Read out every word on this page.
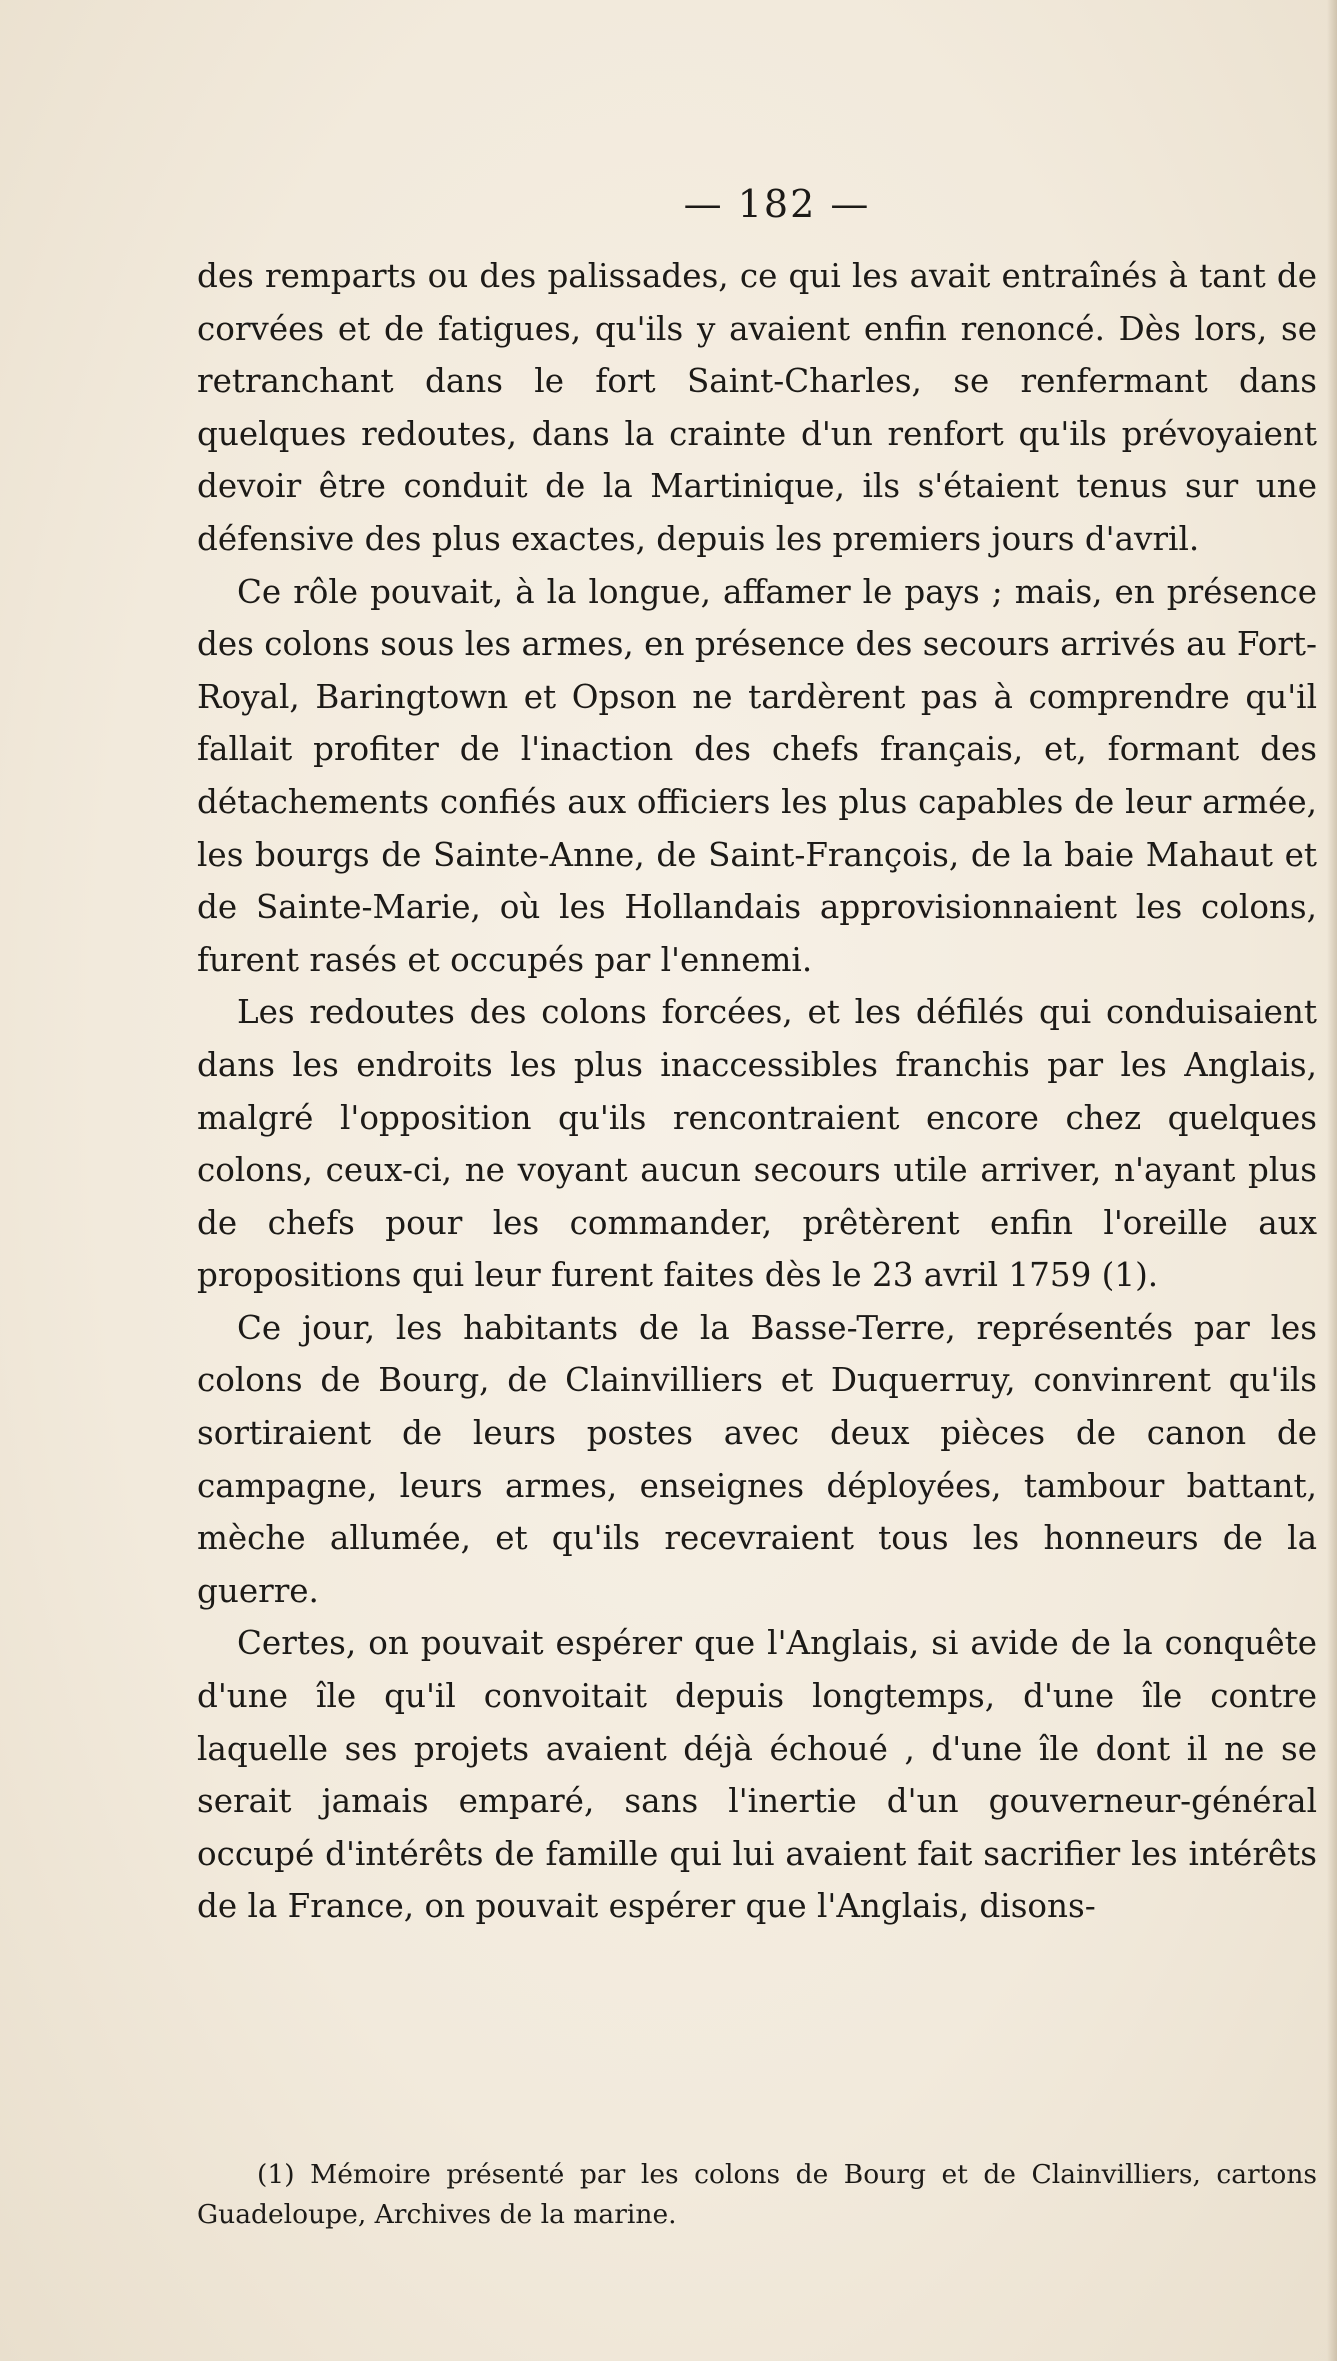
— 182 —

des remparts ou des palissades, ce qui les avait entraînés à tant de corvées et de fatigues, qu'ils y avaient enfin renoncé. Dès lors, se retranchant dans le fort Saint-Charles, se renfermant dans quelques redoutes, dans la crainte d'un renfort qu'ils prévoyaient devoir être conduit de la Martinique, ils s'étaient tenus sur une défensive des plus exactes, depuis les premiers jours d'avril.

Ce rôle pouvait, à la longue, affamer le pays ; mais, en présence des colons sous les armes, en présence des secours arrivés au Fort-Royal, Baringtown et Opson ne tardèrent pas à comprendre qu'il fallait profiter de l'inaction des chefs français, et, formant des détachements confiés aux officiers les plus capables de leur armée, les bourgs de Sainte-Anne, de Saint-François, de la baie Mahaut et de Sainte-Marie, où les Hollandais approvisionnaient les colons, furent rasés et occupés par l'ennemi.

Les redoutes des colons forcées, et les défilés qui conduisaient dans les endroits les plus inaccessibles franchis par les Anglais, malgré l'opposition qu'ils rencontraient encore chez quelques colons, ceux-ci, ne voyant aucun secours utile arriver, n'ayant plus de chefs pour les commander, prêtèrent enfin l'oreille aux propositions qui leur furent faites dès le 23 avril 1759 (1).

Ce jour, les habitants de la Basse-Terre, représentés par les colons de Bourg, de Clainvilliers et Duquerruy, convinrent qu'ils sortiraient de leurs postes avec deux pièces de canon de campagne, leurs armes, enseignes déployées, tambour battant, mèche allumée, et qu'ils recevraient tous les honneurs de la guerre.

Certes, on pouvait espérer que l'Anglais, si avide de la conquête d'une île qu'il convoitait depuis longtemps, d'une île contre laquelle ses projets avaient déjà échoué , d'une île dont il ne se serait jamais emparé, sans l'inertie d'un gouverneur-général occupé d'intérêts de famille qui lui avaient fait sacrifier les intérêts de la France, on pouvait espérer que l'Anglais, disons-

(1) Mémoire présenté par les colons de Bourg et de Clainvilliers, cartons Guadeloupe, Archives de la marine.
